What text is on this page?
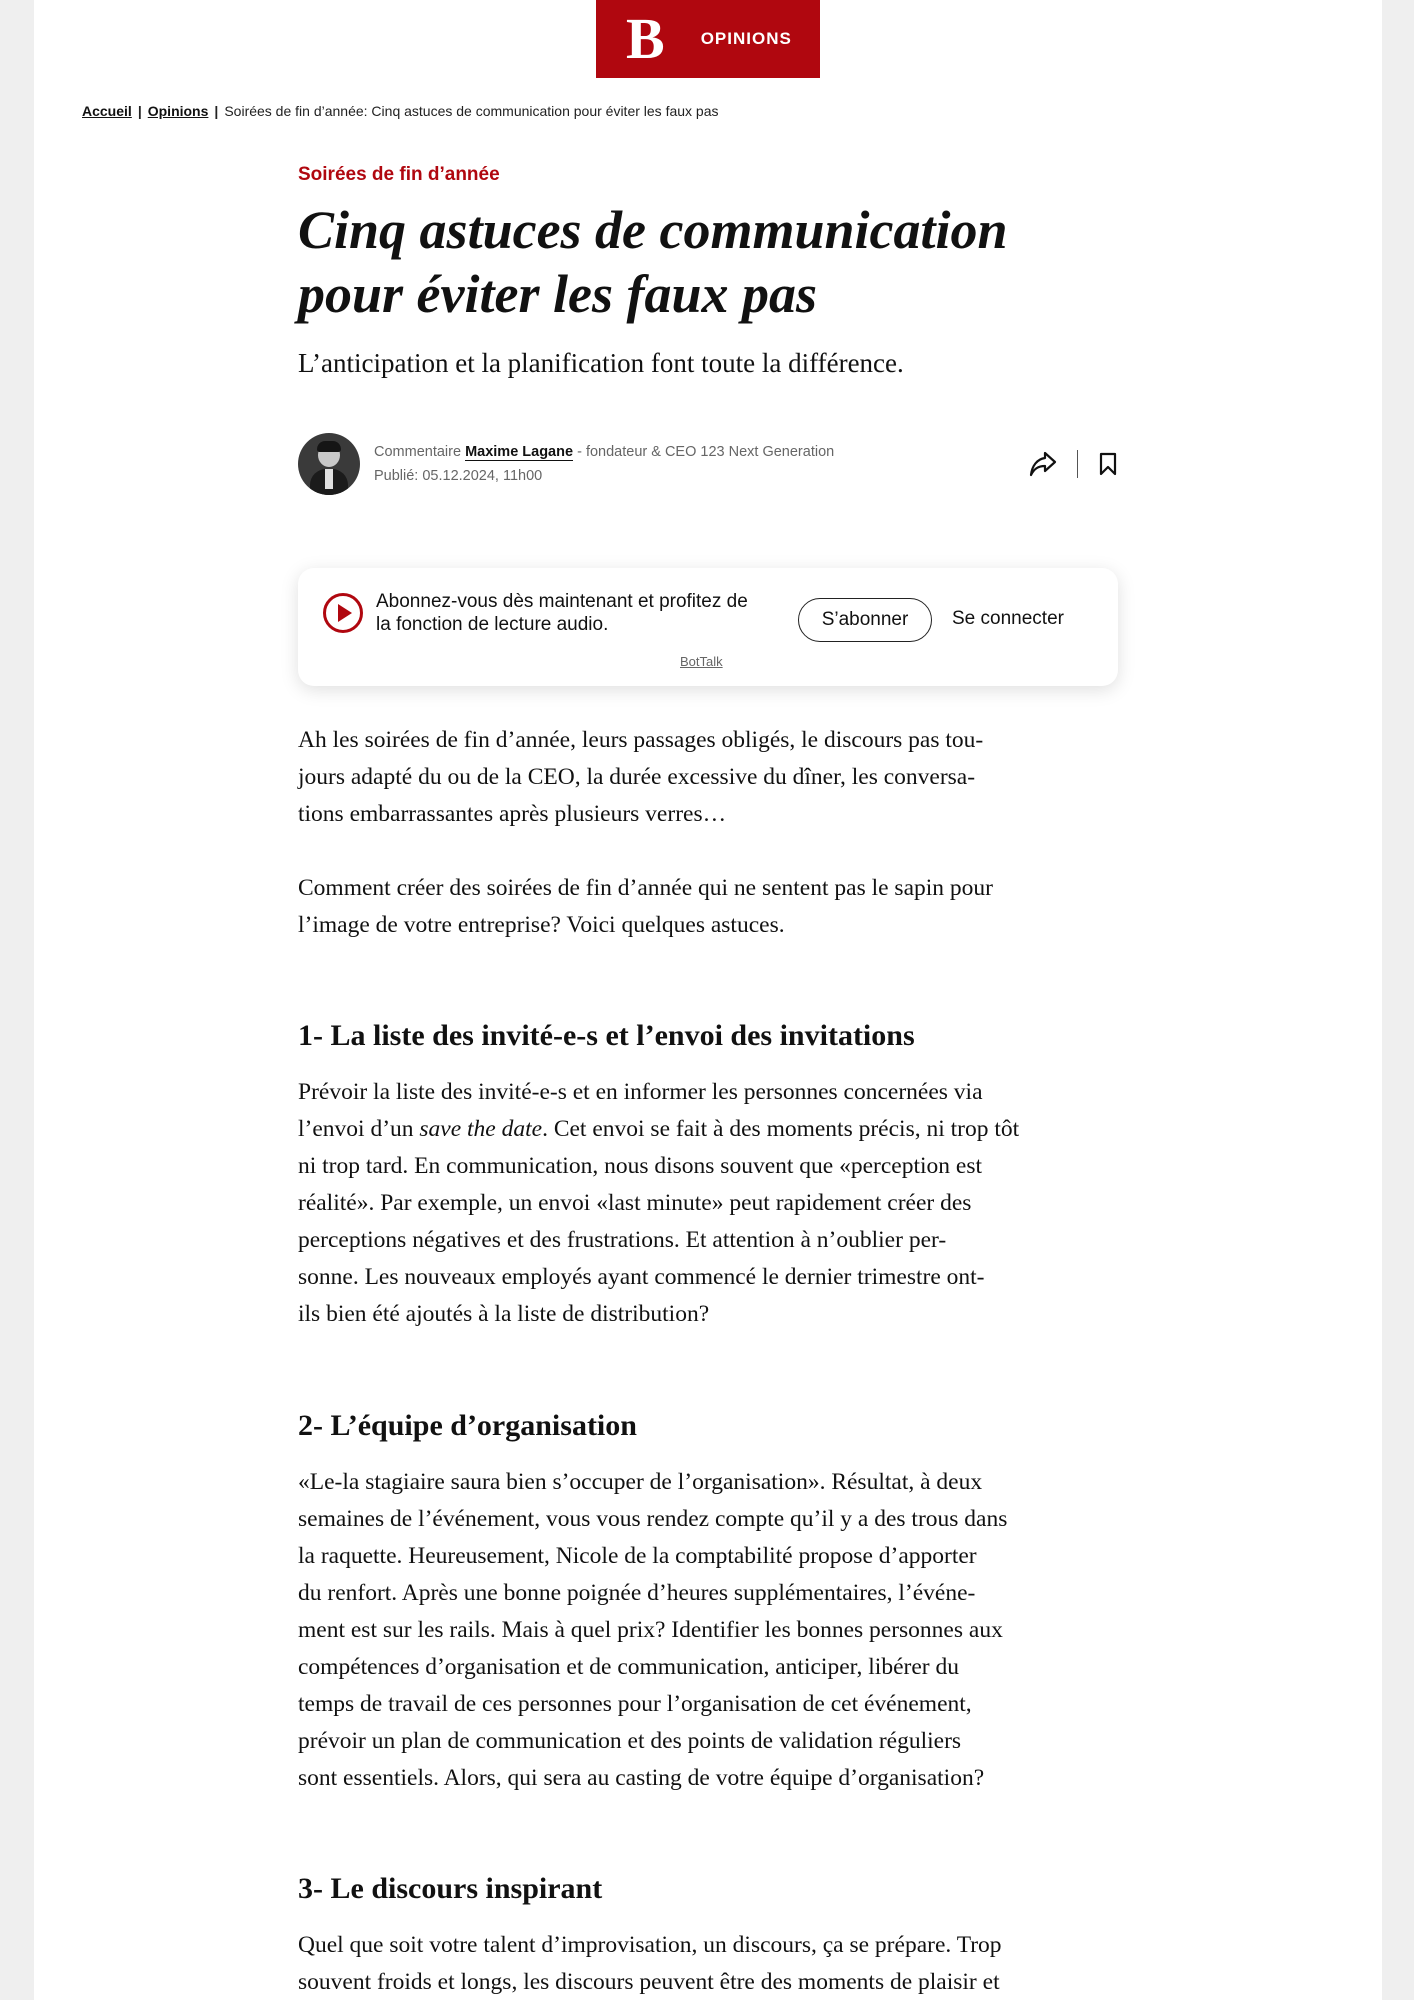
B OPINIONS
Accueil | Opinions | Soirées de fin d’année: Cinq astuces de communication pour éviter les faux pas
Soirées de fin d’année
Cinq astuces de communication pour éviter les faux pas

L’anticipation et la planification font toute la différence.

Commentaire Maxime Lagane - fondateur & CEO 123 Next Generation
Publié: 05.12.2024, 11h00
Abonnez-vous dès maintenant et profitez de
la fonction de lecture audio.	S’abonner	Se connecter
BotTalk

Ah les soirées de fin d’année, leurs passages obligés, le discours pas tou-
jours adapté du ou de la CEO, la durée excessive du dîner, les conversa-
tions embarrassantes après plusieurs verres…

Comment créer des soirées de fin d’année qui ne sentent pas le sapin pour
l’image de votre entreprise? Voici quelques astuces.

1- La liste des invité-e-s et l’envoi des invitations

Prévoir la liste des invité-e-s et en informer les personnes concernées via
l’envoi d’un save the date. Cet envoi se fait à des moments précis, ni trop tôt
ni trop tard. En communication, nous disons souvent que «perception est
réalité». Par exemple, un envoi «last minute» peut rapidement créer des
perceptions négatives et des frustrations. Et attention à n’oublier per-
sonne. Les nouveaux employés ayant commencé le dernier trimestre ont-
ils bien été ajoutés à la liste de distribution?

2- L’équipe d’organisation

«Le-la stagiaire saura bien s’occuper de l’organisation». Résultat, à deux
semaines de l’événement, vous vous rendez compte qu’il y a des trous dans
la raquette. Heureusement, Nicole de la comptabilité propose d’apporter
du renfort. Après une bonne poignée d’heures supplémentaires, l’événe-
ment est sur les rails. Mais à quel prix? Identifier les bonnes personnes aux
compétences d’organisation et de communication, anticiper, libérer du
temps de travail de ces personnes pour l’organisation de cet événement,
prévoir un plan de communication et des points de validation réguliers
sont essentiels. Alors, qui sera au casting de votre équipe d’organisation?

3- Le discours inspirant

Quel que soit votre talent d’improvisation, un discours, ça se prépare. Trop
souvent froids et longs, les discours peuvent être des moments de plaisir et
